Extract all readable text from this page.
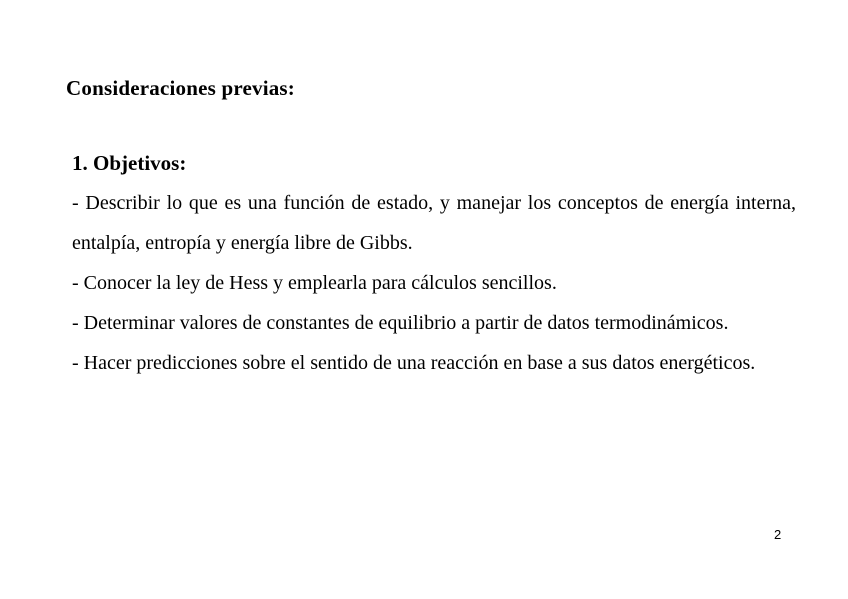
Consideraciones previas:
1. Objetivos:
- Describir lo que es una función de estado, y manejar los conceptos de energía interna, entalpía, entropía y energía libre de Gibbs.
- Conocer la ley de Hess y emplearla para cálculos sencillos.
- Determinar valores de constantes de equilibrio a partir de datos termodinámicos.
- Hacer predicciones sobre el sentido de una reacción en base a sus datos energéticos.
2
